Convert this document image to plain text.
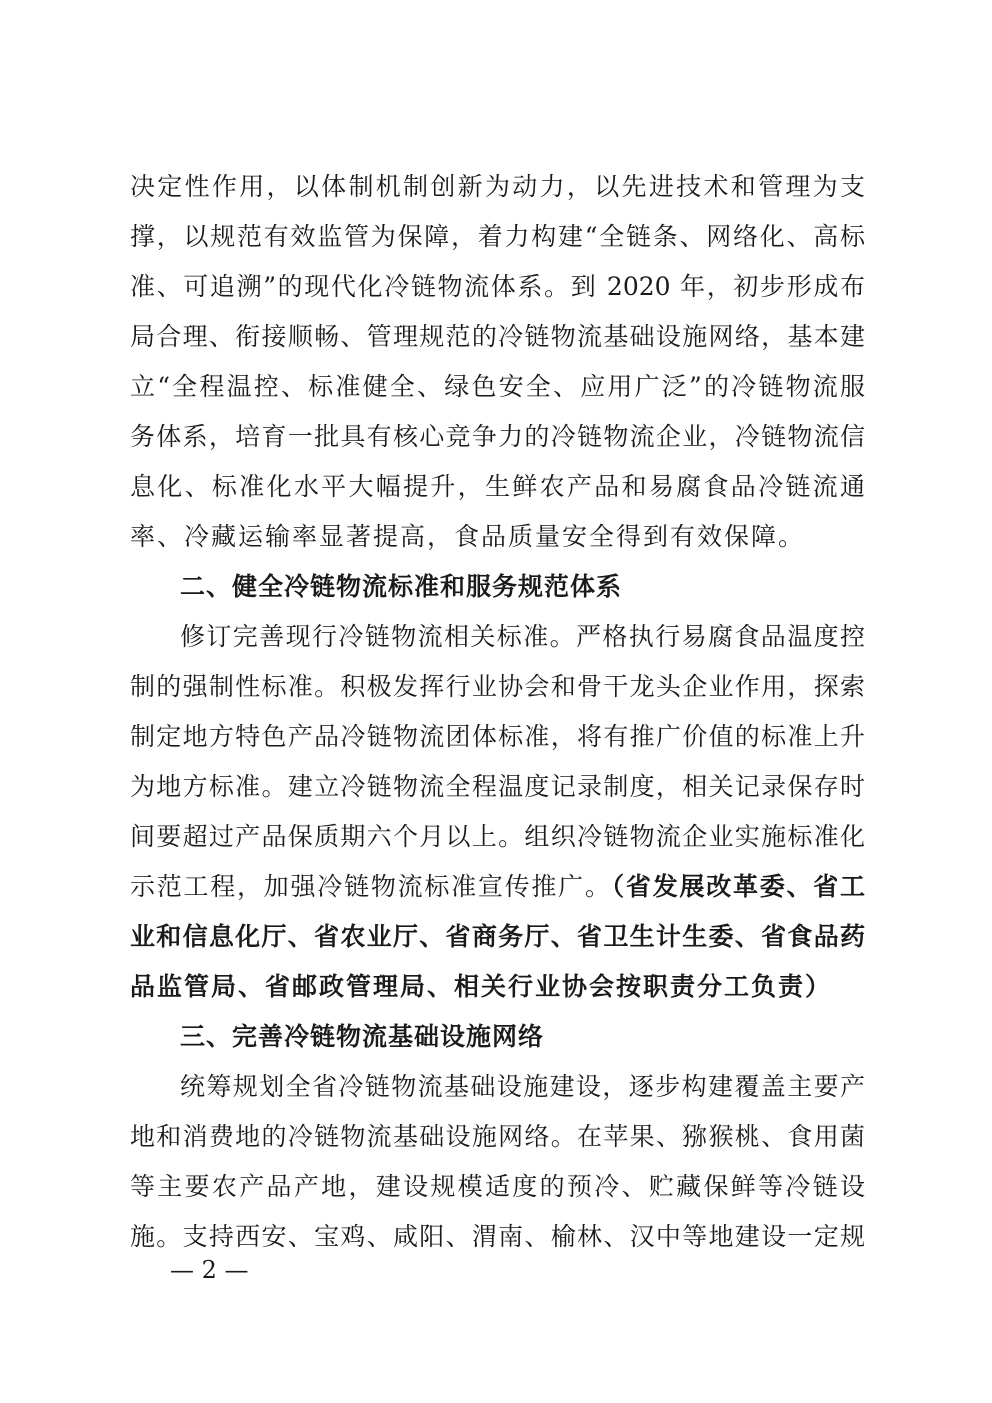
决定性作用，以体制机制创新为动力，以先进技术和管理为支
撑，以规范有效监管为保障，着力构建“全链条、网络化、高标
准、可追溯”的现代化冷链物流体系。到 2020 年，初步形成布
局合理、衔接顺畅、管理规范的冷链物流基础设施网络，基本建
立“全程温控、标准健全、绿色安全、应用广泛”的冷链物流服
务体系，培育一批具有核心竞争力的冷链物流企业，冷链物流信
息化、标准化水平大幅提升，生鲜农产品和易腐食品冷链流通
率、冷藏运输率显著提高，食品质量安全得到有效保障。
二、健全冷链物流标准和服务规范体系
修订完善现行冷链物流相关标准。严格执行易腐食品温度控
制的强制性标准。积极发挥行业协会和骨干龙头企业作用，探索
制定地方特色产品冷链物流团体标准，将有推广价值的标准上升
为地方标准。建立冷链物流全程温度记录制度，相关记录保存时
间要超过产品保质期六个月以上。组织冷链物流企业实施标准化
示范工程，加强冷链物流标准宣传推广。（省发展改革委、省工
业和信息化厅、省农业厅、省商务厅、省卫生计生委、省食品药
品监管局、省邮政管理局、相关行业协会按职责分工负责）
三、完善冷链物流基础设施网络
统筹规划全省冷链物流基础设施建设，逐步构建覆盖主要产
地和消费地的冷链物流基础设施网络。在苹果、猕猴桃、食用菌
等主要农产品产地，建设规模适度的预冷、贮藏保鲜等冷链设
施。支持西安、宝鸡、咸阳、渭南、榆林、汉中等地建设一定规
— 2 —
